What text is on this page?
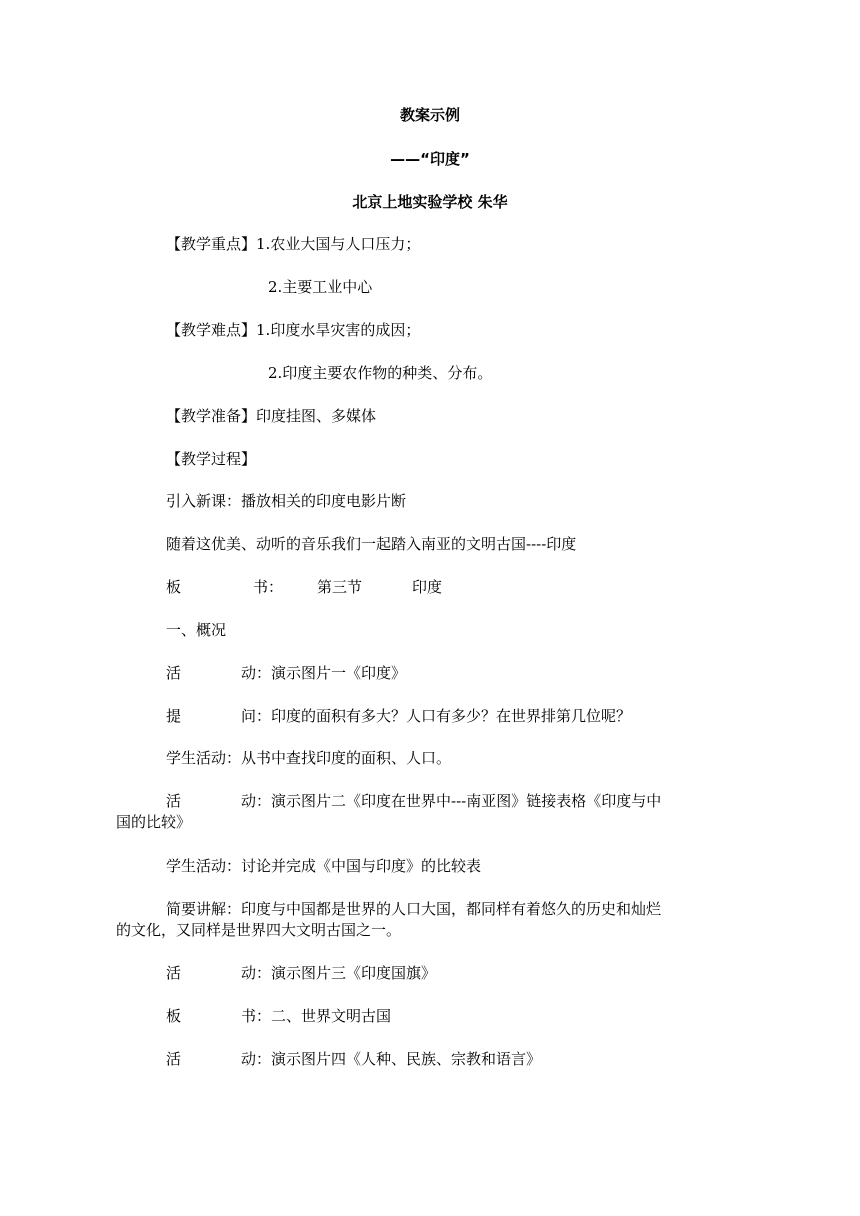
教案示例
——“印度”
北京上地实验学校 朱华
【教学重点】1.农业大国与人口压力；
2.主要工业中心
【教学难点】1.印度水旱灾害的成因；
2.印度主要农作物的种类、分布。
【教学准备】印度挂图、多媒体
【教学过程】
引入新课：播放相关的印度电影片断
随着这优美、动听的音乐我们一起踏入南亚的文明古国----印度
板	书： 第三节	印度
一、概况
活	动：演示图片一《印度》
提	问：印度的面积有多大？人口有多少？在世界排第几位呢？
学生活动：从书中查找印度的面积、人口。
活	动：演示图片二《印度在世界中---南亚图》链接表格《印度与中
国的比较》
学生活动：讨论并完成《中国与印度》的比较表
简要讲解：印度与中国都是世界的人口大国，都同样有着悠久的历史和灿烂
的文化，又同样是世界四大文明古国之一。
活	动：演示图片三《印度国旗》
板	书：二、世界文明古国
活	动：演示图片四《人种、民族、宗教和语言》
